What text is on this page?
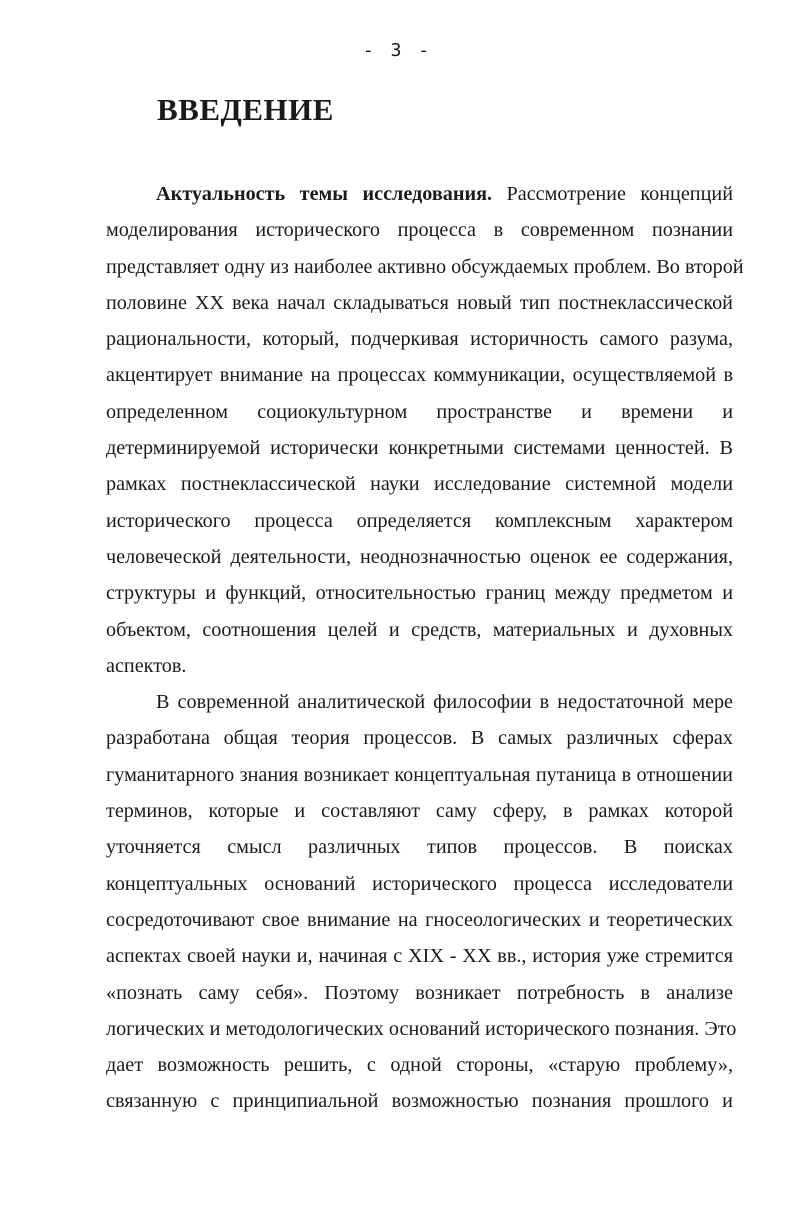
- 3 -
ВВЕДЕНИЕ
Актуальность темы исследования. Рассмотрение концепций
моделирования исторического процесса в современном познании
представляет одну из наиболее активно обсуждаемых проблем. Во второй
половине XX века начал складываться новый тип постнеклассической
рациональности, который, подчеркивая историчность самого разума,
акцентирует внимание на процессах коммуникации, осуществляемой в
определенном социокультурном пространстве и времени и
детерминируемой исторически конкретными системами ценностей. В
рамках постнеклассической науки исследование системной модели
исторического процесса определяется комплексным характером
человеческой деятельности, неоднозначностью оценок ее содержания,
структуры и функций, относительностью границ между предметом и
объектом, соотношения целей и средств, материальных и духовных
аспектов.
В современной аналитической философии в недостаточной мере
разработана общая теория процессов. В самых различных сферах
гуманитарного знания возникает концептуальная путаница в отношении
терминов, которые и составляют саму сферу, в рамках которой
уточняется смысл различных типов процессов. В поисках
концептуальных оснований исторического процесса исследователи
сосредоточивают свое внимание на гносеологических и теоретических
аспектах своей науки и, начиная с XIX - XX вв., история уже стремится
«познать саму себя». Поэтому возникает потребность в анализе
логических и методологических оснований исторического познания. Это
дает возможность решить, с одной стороны, «старую проблему»,
связанную с принципиальной возможностью познания прошлого и
